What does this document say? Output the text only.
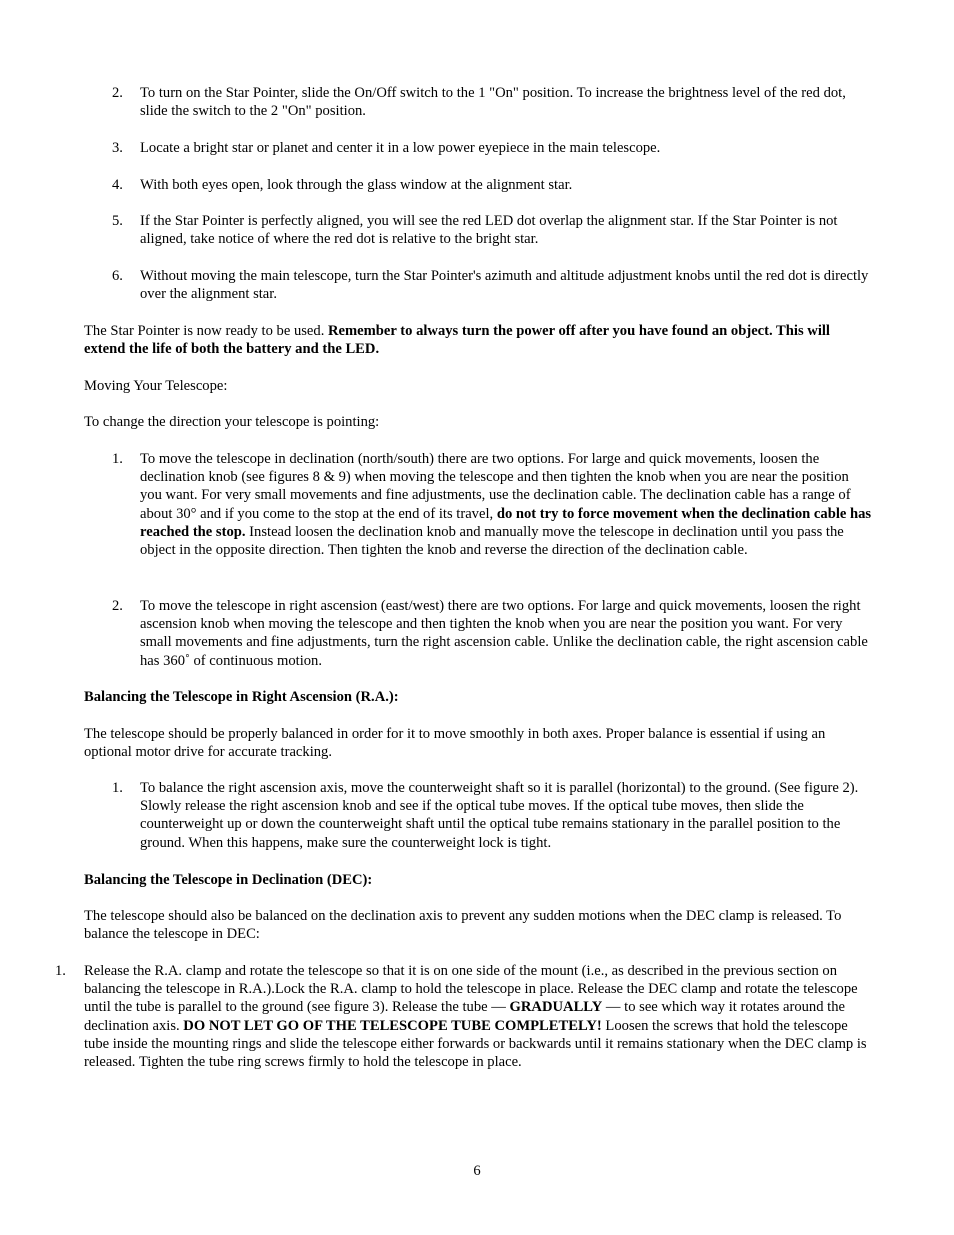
2. To turn on the Star Pointer, slide the On/Off switch to the 1 "On" position. To increase the brightness level of the red dot, slide the switch to the 2 "On" position.
3. Locate a bright star or planet and center it in a low power eyepiece in the main telescope.
4. With both eyes open, look through the glass window at the alignment star.
5. If the Star Pointer is perfectly aligned, you will see the red LED dot overlap the alignment star. If the Star Pointer is not aligned, take notice of where the red dot is relative to the bright star.
6. Without moving the main telescope, turn the Star Pointer's azimuth and altitude adjustment knobs until the red dot is directly over the alignment star.

The Star Pointer is now ready to be used. Remember to always turn the power off after you have found an object. This will extend the life of both the battery and the LED.

Moving Your Telescope:

To change the direction your telescope is pointing:

1. To move the telescope in declination (north/south) there are two options. For large and quick movements, loosen the declination knob (see figures 8 & 9) when moving the telescope and then tighten the knob when you are near the position you want. For very small movements and fine adjustments, use the declination cable. The declination cable has a range of about 30° and if you come to the stop at the end of its travel, do not try to force movement when the declination cable has reached the stop. Instead loosen the declination knob and manually move the telescope in declination until you pass the object in the opposite direction. Then tighten the knob and reverse the direction of the declination cable.
2. To move the telescope in right ascension (east/west) there are two options. For large and quick movements, loosen the right ascension knob when moving the telescope and then tighten the knob when you are near the position you want. For very small movements and fine adjustments, turn the right ascension cable. Unlike the declination cable, the right ascension cable has 360˚ of continuous motion.

Balancing the Telescope in Right Ascension (R.A.):

The telescope should be properly balanced in order for it to move smoothly in both axes. Proper balance is essential if using an optional motor drive for accurate tracking.

1. To balance the right ascension axis, move the counterweight shaft so it is parallel (horizontal) to the ground. (See figure 2). Slowly release the right ascension knob and see if the optical tube moves. If the optical tube moves, then slide the counterweight up or down the counterweight shaft until the optical tube remains stationary in the parallel position to the ground. When this happens, make sure the counterweight lock is tight.

Balancing the Telescope in Declination (DEC):

The telescope should also be balanced on the declination axis to prevent any sudden motions when the DEC clamp is released. To balance the telescope in DEC:

1. Release the R.A. clamp and rotate the telescope so that it is on one side of the mount (i.e., as described in the previous section on balancing the telescope in R.A.).Lock the R.A. clamp to hold the telescope in place. Release the DEC clamp and rotate the telescope until the tube is parallel to the ground (see figure 3). Release the tube — GRADUALLY — to see which way it rotates around the declination axis. DO NOT LET GO OF THE TELESCOPE TUBE COMPLETELY! Loosen the screws that hold the telescope tube inside the mounting rings and slide the telescope either forwards or backwards until it remains stationary when the DEC clamp is released. Tighten the tube ring screws firmly to hold the telescope in place.
6
